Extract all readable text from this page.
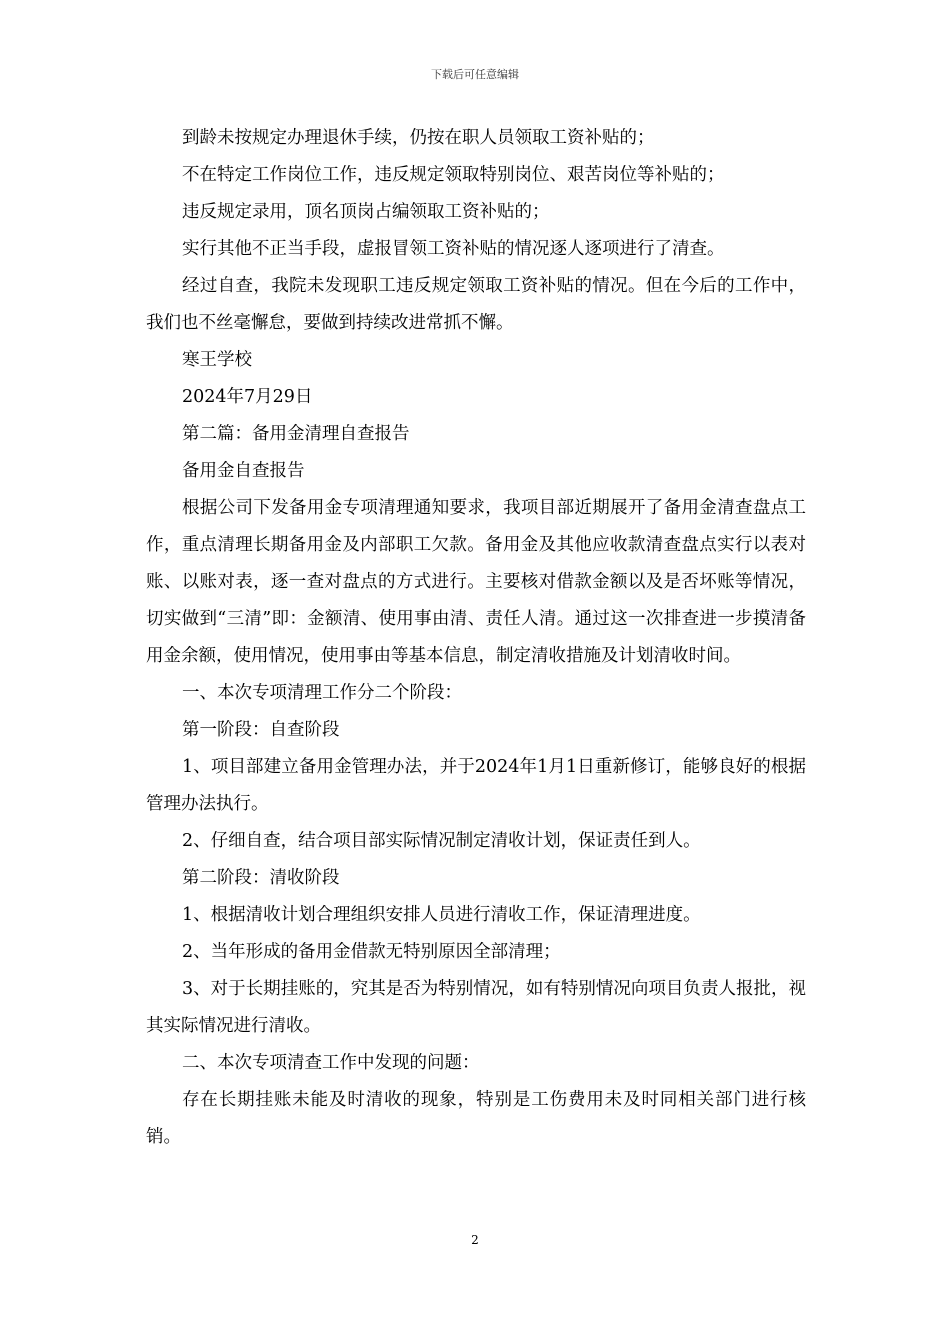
下载后可任意编辑

到龄未按规定办理退休手续，仍按在职人员领取工资补贴的；

不在特定工作岗位工作，违反规定领取特别岗位、艰苦岗位等补贴的；

违反规定录用，顶名顶岗占编领取工资补贴的；

实行其他不正当手段，虚报冒领工资补贴的情况逐人逐项进行了清查。

经过自查，我院未发现职工违反规定领取工资补贴的情况。但在今后的工作中，我们也不丝毫懈怠，要做到持续改进常抓不懈。

寒王学校

2024年7月29日

第二篇：备用金清理自查报告

备用金自查报告

根据公司下发备用金专项清理通知要求，我项目部近期展开了备用金清查盘点工作，重点清理长期备用金及内部职工欠款。备用金及其他应收款清查盘点实行以表对账、以账对表，逐一查对盘点的方式进行。主要核对借款金额以及是否坏账等情况，切实做到“三清”即：金额清、使用事由清、责任人清。通过这一次排查进一步摸清备用金余额，使用情况，使用事由等基本信息，制定清收措施及计划清收时间。

一、本次专项清理工作分二个阶段：

第一阶段：自查阶段

1、项目部建立备用金管理办法，并于2024年1月1日重新修订，能够良好的根据管理办法执行。

2、仔细自查，结合项目部实际情况制定清收计划，保证责任到人。

第二阶段：清收阶段

1、根据清收计划合理组织安排人员进行清收工作，保证清理进度。

2、当年形成的备用金借款无特别原因全部清理；

3、对于长期挂账的，究其是否为特别情况，如有特别情况向项目负责人报批，视其实际情况进行清收。

二、本次专项清查工作中发现的问题：

存在长期挂账未能及时清收的现象，特别是工伤费用未及时同相关部门进行核销。

2
